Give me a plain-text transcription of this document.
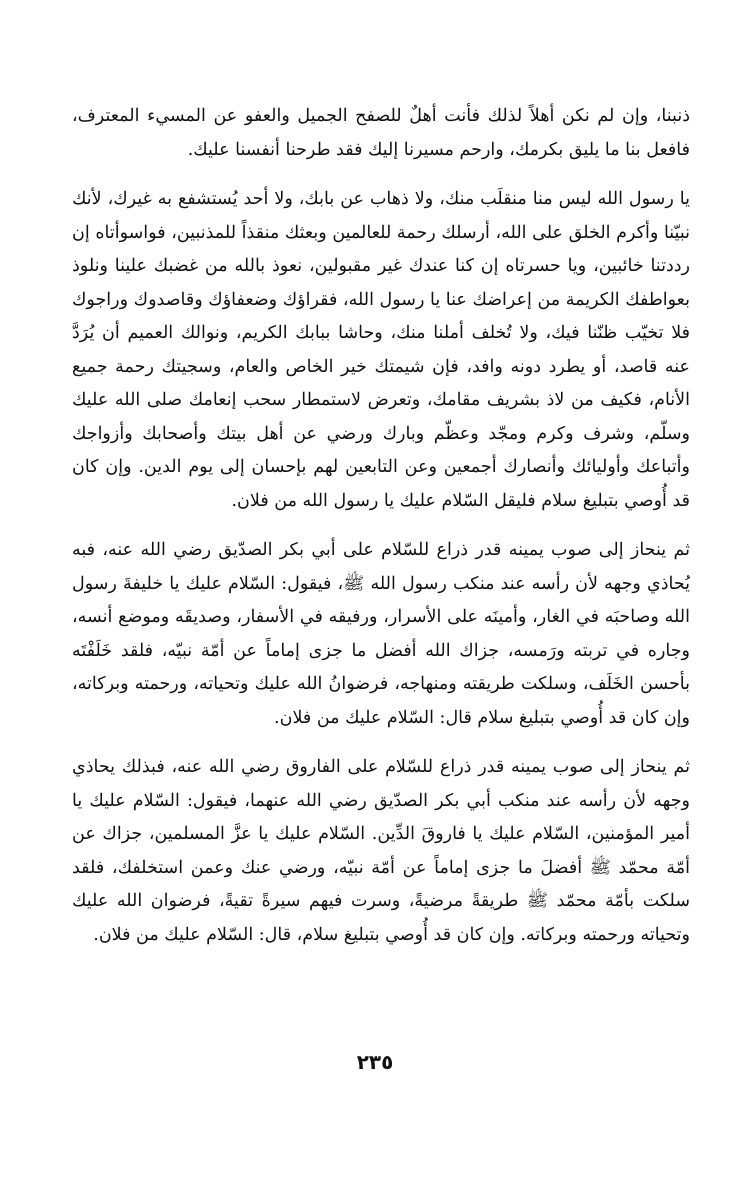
ذنبنا، وإن لم نكن أهلاً لذلك فأنت أهلٌ للصفح الجميل والعفو عن المسيء المعترف، فافعل بنا ما يليق بكرمك، وارحم مسيرنا إليك فقد طرحنا أنفسنا عليك.

يا رسول الله ليس منا منقلَب منك، ولا ذهاب عن بابك، ولا أحد يُستشفع به غيرك، لأنك نبيّنا وأكرم الخلق على الله، أرسلك رحمة للعالمين وبعثك منقذاً للمذنبين، فواسوأتاه إن رددتنا خائبين، ويا حسرتاه إن كنا عندك غير مقبولين، نعوذ بالله من غضبك علينا ونلوذ بعواطفك الكريمة من إعراضك عنا يا رسول الله، فقراؤك وضعفاؤك وقاصدوك وراجوك فلا تخيّب ظنّنا فيك، ولا تُخلف أملنا منك، وحاشا ببابك الكريم، ونوالك العميم أن يُرَدَّ عنه قاصد، أو يطرد دونه وافد، فإن شيمتك خير الخاص والعام، وسجيتك رحمة جميع الأنام، فكيف من لاذ بشريف مقامك، وتعرض لاستمطار سحب إنعامك صلى الله عليك وسلّم، وشرف وكرم ومجّد وعظّم وبارك ورضي عن أهل بيتك وأصحابك وأزواجك وأتباعك وأوليائك وأنصارك أجمعين وعن التابعين لهم بإحسان إلى يوم الدين. وإن كان قد أُوصي بتبليغ سلام فليقل السّلام عليك يا رسول الله من فلان.

ثم ينحاز إلى صوب يمينه قدر ذراع للسّلام على أبي بكر الصدّيق رضي الله عنه، فبه يُحاذي وجهه لأن رأسه عند منكب رسول الله ﷺ، فيقول: السّلام عليك يا خليفةَ رسول الله وصاحبَه في الغار، وأمينَه على الأسرار، ورفيقه في الأسفار، وصديقَه وموضع أنسه، وجاره في تربته ورَمسه، جزاك الله أفضل ما جزى إماماً عن أمّة نبيّه، فلقد خَلَفْتَه بأحسن الخَلَف، وسلكت طريقته ومنهاجه، فرضوانُ الله عليك وتحياته، ورحمته وبركاته، وإن كان قد أُوصي بتبليغ سلام قال: السّلام عليك من فلان.

ثم ينحاز إلى صوب يمينه قدر ذراع للسّلام على الفاروق رضي الله عنه، فبذلك يحاذي وجهه لأن رأسه عند منكب أبي بكر الصدّيق رضي الله عنهما، فيقول: السّلام عليك يا أمير المؤمنين، السّلام عليك يا فاروقَ الدِّين. السّلام عليك يا عزَّ المسلمين، جزاك عن أمّة محمّد ﷺ أفضلَ ما جزى إماماً عن أمّة نبيّه، ورضي عنك وعمن استخلفك، فلقد سلكت بأمّة محمّد ﷺ طريقةً مرضيةً، وسرت فيهم سيرةً تقيةً، فرضوان الله عليك وتحياته ورحمته وبركاته. وإن كان قد أُوصي بتبليغ سلام، قال: السّلام عليك من فلان.

٢٣٥
